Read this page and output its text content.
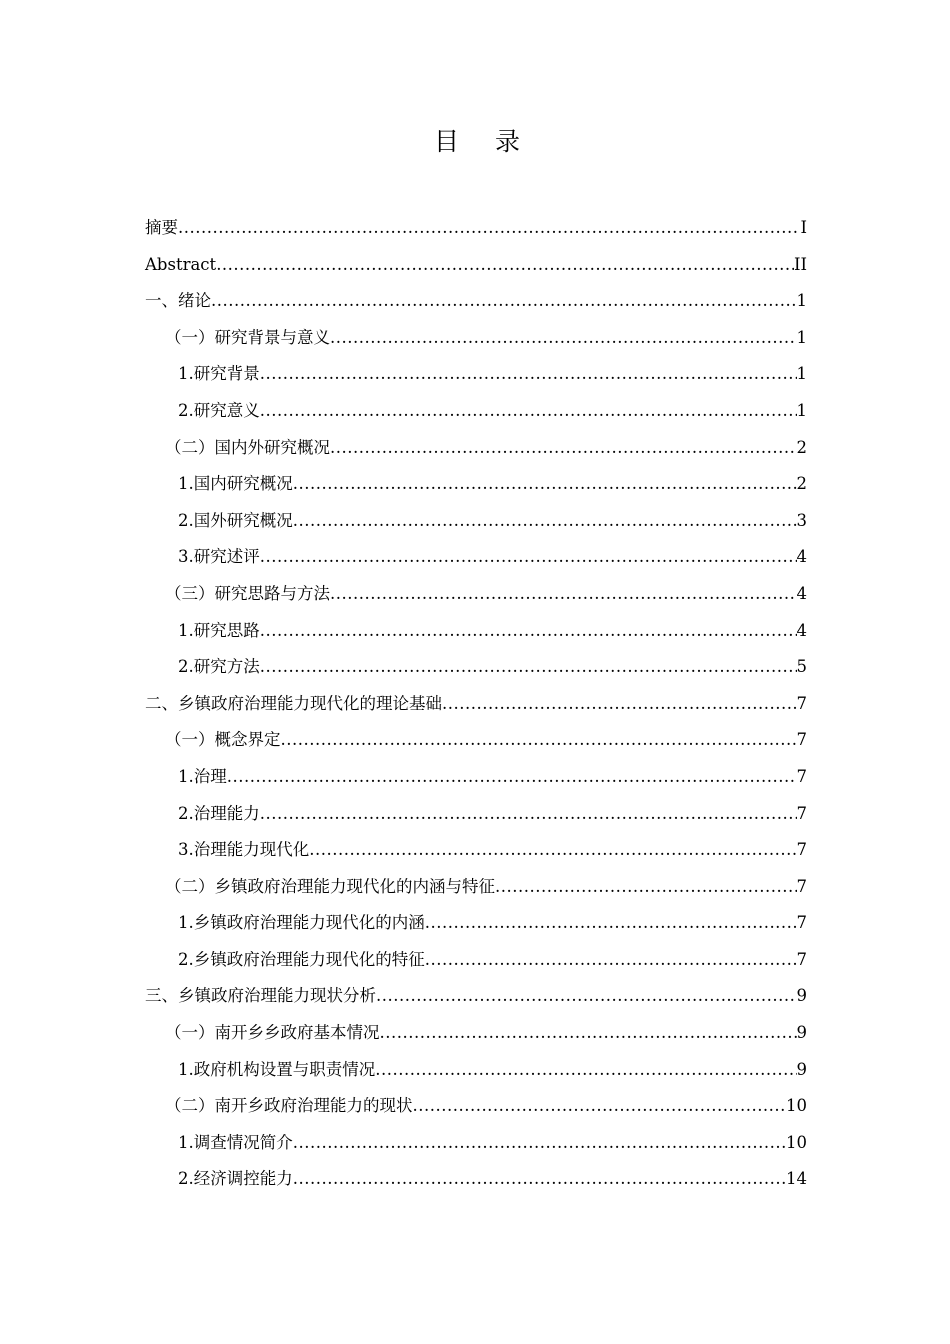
目 录
摘要 .....	I
Abstract .....	II
一、绪论 .....	1
（一）研究背景与意义 .....	1
1.研究背景 .....	1
2.研究意义 .....	1
（二）国内外研究概况 .....	2
1.国内研究概况 .....	2
2.国外研究概况 .....	3
3.研究述评 .....	4
（三）研究思路与方法 .....	4
1.研究思路 .....	4
2.研究方法 .....	5
二、乡镇政府治理能力现代化的理论基础 .....	7
（一）概念界定 .....	7
1.治理 .....	7
2.治理能力 .....	7
3.治理能力现代化 .....	7
（二）乡镇政府治理能力现代化的内涵与特征 .....	7
1.乡镇政府治理能力现代化的内涵 .....	7
2.乡镇政府治理能力现代化的特征 .....	7
三、乡镇政府治理能力现状分析 .....	9
（一）南开乡乡政府基本情况 .....	9
1.政府机构设置与职责情况 .....	9
（二）南开乡政府治理能力的现状 .....	10
1.调查情况简介 .....	10
2.经济调控能力 .....	14
